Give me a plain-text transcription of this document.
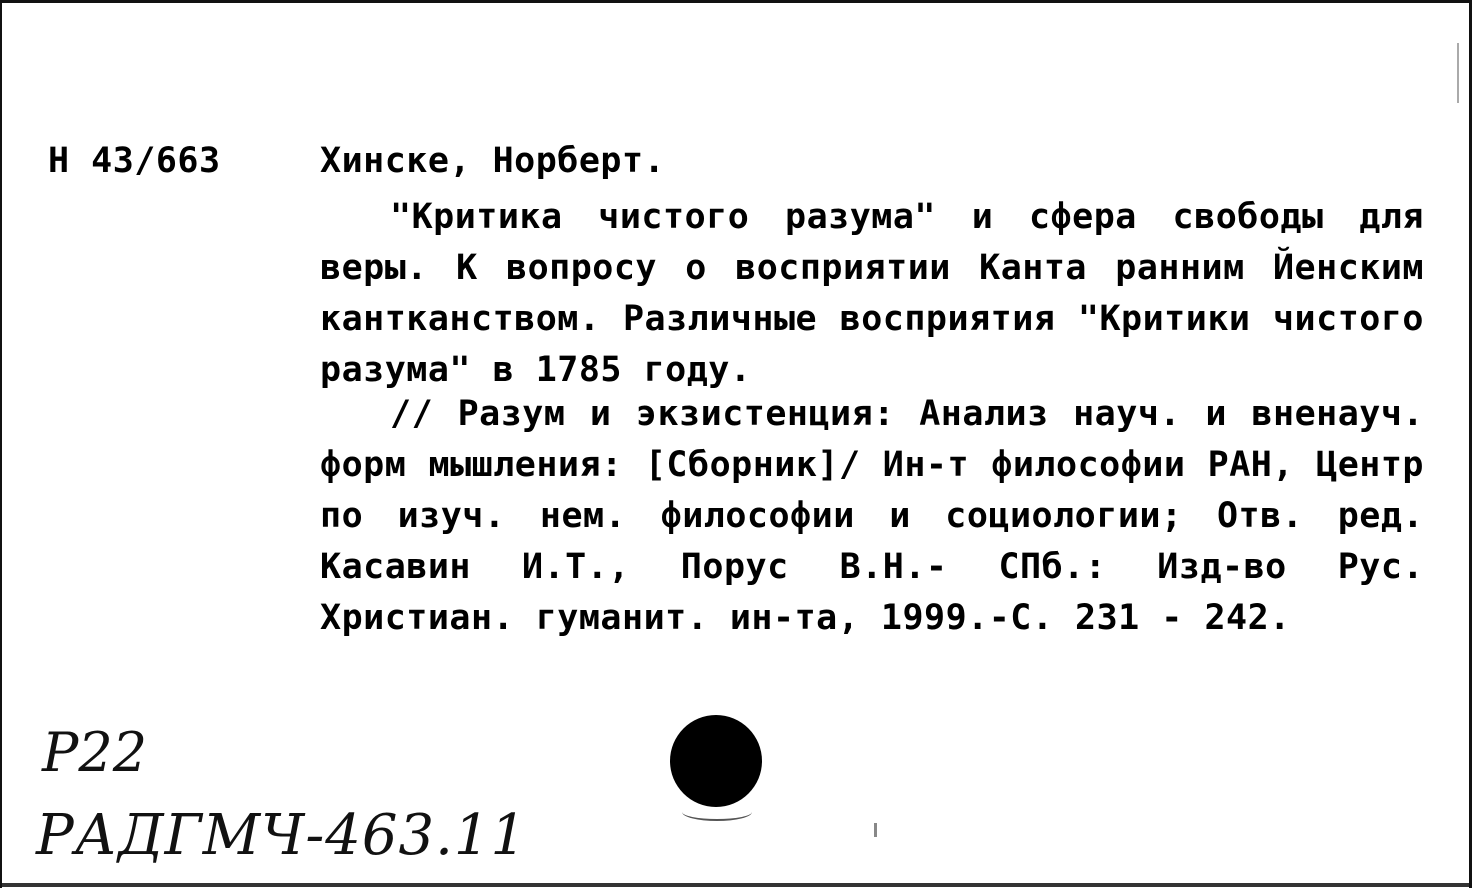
Н 43/663	Хинске, Норберт.

"Критика чистого разума" и сфера свободы для веры. К вопросу о восприятии Канта ранним Йенским кантканством. Различные восприятия "Критики чистого разума" в 1785 году.

// Разум и экзистенция: Анализ науч. и вненауч. форм мышления: [Сборник]/ Ин-т философии РАН, Центр по изуч. нем. философии и социологии; Отв. ред. Касавин И.Т., Порус В.Н.- СПб.: Изд-во Рус. Христиан. гуманит. ин-та, 1999.-С. 231 - 242.

Р22
РАДГМЧ-463.11
